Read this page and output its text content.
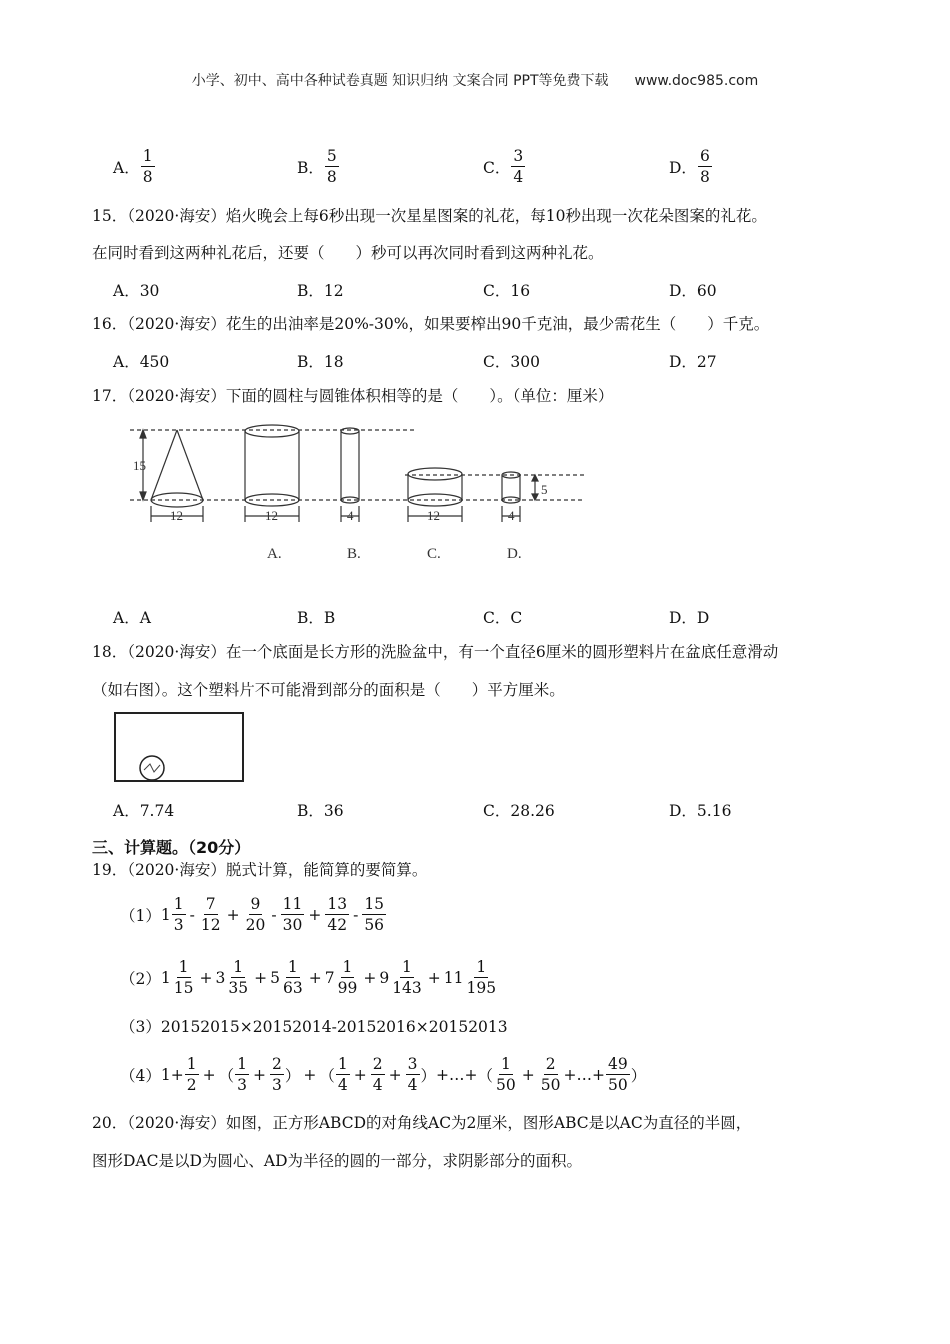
小学、初中、高中各种试卷真题 知识归纳 文案合同 PPT等免费下载 www.doc985.com
A． $\frac{1}{8}$	B． $\frac{5}{8}$	C． $\frac{3}{4}$	D． $\frac{6}{8}$
15．（2020·海安）焰火晚会上每6秒出现一次星星图案的礼花，每10秒出现一次花朵图案的礼花。
在同时看到这两种礼花后，还要（　　）秒可以再次同时看到这两种礼花。
A．30	B．12	C．16	D．60
16．（2020·海安）花生的出油率是20%-30%，如果要榨出90千克油，最少需花生（　　）千克。
A．450	B．18	C．300	D．27
17．（2020·海安）下面的圆柱与圆锥体积相等的是（　　）。（单位：厘米）
15
12	12	4	12	4
5
A.	B.	C.	D.
A．A	B．B	C．C	D．D
18．（2020·海安）在一个底面是长方形的洗脸盆中，有一个直径6厘米的圆形塑料片在盆底任意滑动
（如右图）。这个塑料片不可能滑到部分的面积是（　　）平方厘米。
A．7.74	B．36	C．28.26	D．5.16
三、计算题。（20分）
19．（2020·海安）脱式计算，能简算的要简算。
（1） $1 \frac{1}{3} - \frac{7}{12} + \frac{9}{20} - \frac{11}{30} + \frac{13}{42} - \frac{15}{56}$
（2） $1 \frac{1}{15} + 3 \frac{1}{35} + 5 \frac{1}{63} + 7 \frac{1}{99} + 9 \frac{1}{143} + 11 \frac{1}{195}$
（3）20152015×20152014-20152016×20152013
（4） $1+ \frac{1}{2}$ + （ $\frac{1}{3} + \frac{2}{3}$ ） + （ $\frac{1}{4} + \frac{2}{4} + \frac{3}{4}$ ） +…+ （ $\frac{1}{50} + \frac{2}{50}$ +…+ $\frac{49}{50}$ ）
20．（2020·海安）如图，正方形ABCD的对角线AC为2厘米，图形ABC是以AC为直径的半圆，
图形DAC是以D为圆心、AD为半径的圆的一部分，求阴影部分的面积。
